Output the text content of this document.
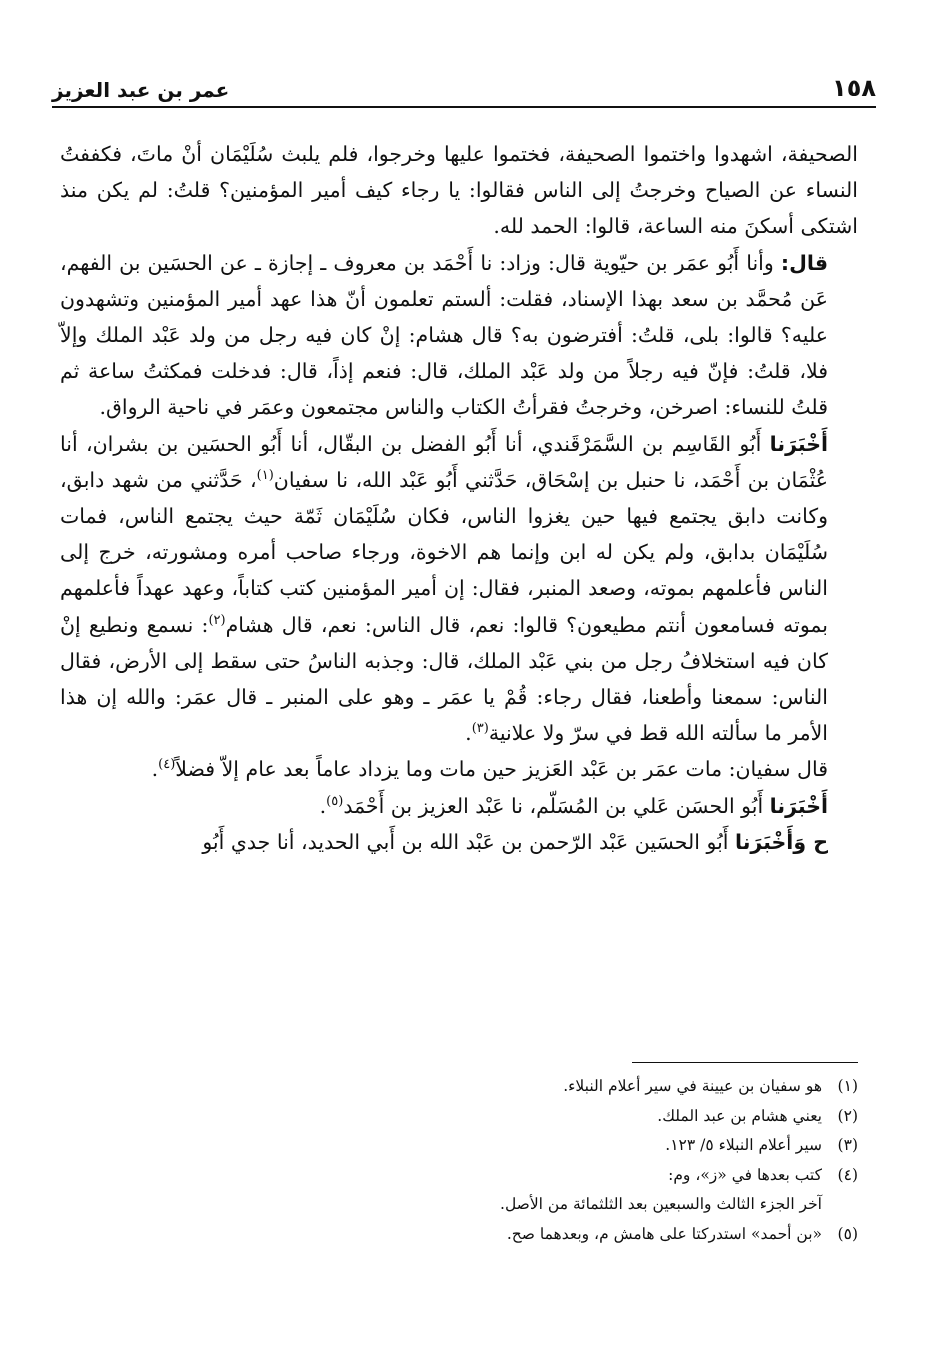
١٥٨
عمر بن عبد العزيز

الصحيفة، اشهدوا واختموا الصحيفة، فختموا عليها وخرجوا، فلم يلبث سُلَيْمَان أنْ ماتَ، فكففتُ النساء عن الصياح وخرجتُ إلى الناس فقالوا: يا رجاء كيف أمير المؤمنين؟ قلتُ: لم يكن منذ اشتكى أسكنَ منه الساعة، قالوا: الحمد لله.

قال: وأنا أَبُو عمَر بن حيّوية قال: وزاد: نا أَحْمَد بن معروف ـ إجازة ـ عن الحسَين بن الفهم، عَن مُحمَّد بن سعد بهذا الإسناد، فقلت: ألستم تعلمون أنّ هذا عهد أمير المؤمنين وتشهدون عليه؟ قالوا: بلى، قلتُ: أفترضون به؟ قال هشام: إنْ كان فيه رجل من ولد عَبْد الملك وإلاّ فلا، قلتُ: فإنّ فيه رجلاً من ولد عَبْد الملك، قال: فنعم إذاً، قال: فدخلت فمكثتُ ساعة ثم قلتُ للنساء: اصرخن، وخرجتُ فقرأتُ الكتاب والناس مجتمعون وعمَر في ناحية الرواق.

أَخْبَرَنا أَبُو القَاسِم بن السَّمَرْقَندي، أنا أَبُو الفضل بن البقّال، أنا أَبُو الحسَين بن بشران، أنا عُثْمَان بن أَحْمَد، نا حنبل بن إسْحَاق، حَدَّثني أَبُو عَبْد الله، نا سفيان$^{(١)}$، حَدَّثني من شهد دابق، وكانت دابق يجتمع فيها حين يغزوا الناس، فكان سُلَيْمَان ثَمّة حيث يجتمع الناس، فمات سُلَيْمَان بدابق، ولم يكن له ابن وإنما هم الاخوة، ورجاء صاحب أمره ومشورته، خرج إلى الناس فأعلمهم بموته، وصعد المنبر، فقال: إن أمير المؤمنين كتب كتاباً، وعهد عهداً فأعلمهم بموته فسامعون أنتم مطيعون؟ قالوا: نعم، قال الناس: نعم، قال هشام$^{(٢)}$: نسمع ونطيع إنْ كان فيه استخلافُ رجل من بني عَبْد الملك، قال: وجذبه الناسُ حتى سقط إلى الأرض، فقال الناس: سمعنا وأطعنا، فقال رجاء: قُمْ يا عمَر ـ وهو على المنبر ـ قال عمَر: والله إن هذا الأمر ما سألته الله قط في سرّ ولا علانية$^{(٣)}$.

قال سفيان: مات عمَر بن عَبْد العَزيز حين مات وما يزداد عاماً بعد عام إلاّ فضلاً$^{(٤)}$.

أَخْبَرَنا أَبُو الحسَن عَلي بن المُسَلّم، نا عَبْد العزيز بن أَحْمَد$^{(٥)}$.

ح وَأَخْبَرَنا أَبُو الحسَين عَبْد الرّحمن بن عَبْد الله بن أَبي الحديد، أنا جدي أَبُو

(١)
هو سفيان بن عيينة في سير أعلام النبلاء.
(٢)
يعني هشام بن عبد الملك.
(٣)
سير أعلام النبلاء ٥/ ١٢٣.
(٤)
كتب بعدها في «ز»، وم:
آخر الجزء الثالث والسبعين بعد الثلثمائة من الأصل.
(٥)
«بن أحمد» استدركتا على هامش م، وبعدهما صح.
